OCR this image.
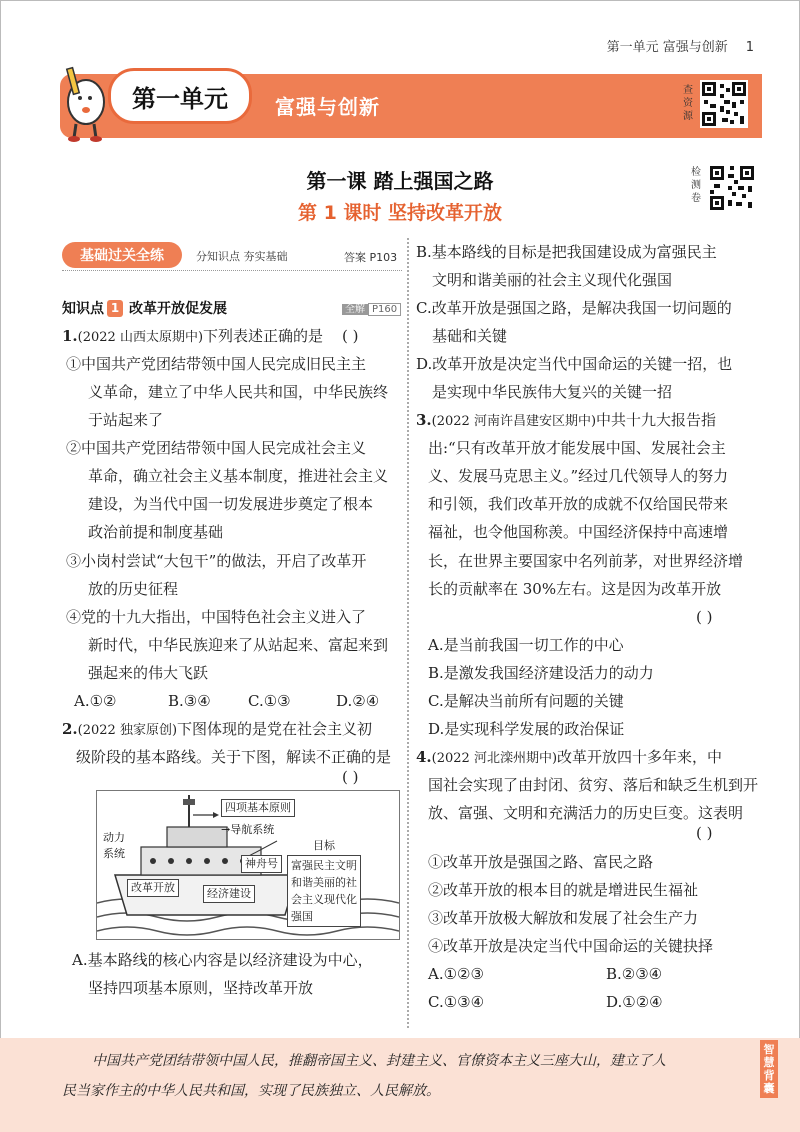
第一单元 富强与创新 1
第一单元	富强与创新
查资源
第一课 踏上强国之路
第 1 课时 坚持改革开放
检测卷
基础过关全练	分知识点 夯实基础	答案 P103
知识点 1 改革开放促发展	全解 P160
1.(2022 山西太原期中)下列表述正确的是 ( )
①中国共产党团结带领中国人民完成旧民主主
义革命，建立了中华人民共和国，中华民族终
于站起来了
②中国共产党团结带领中国人民完成社会主义
革命，确立社会主义基本制度，推进社会主义
建设，为当代中国一切发展进步奠定了根本
政治前提和制度基础
③小岗村尝试“大包干”的做法，开启了改革开
放的历史征程
④党的十九大指出，中国特色社会主义进入了
新时代，中华民族迎来了从站起来、富起来到
强起来的伟大飞跃
A.①②	B.③④ C.①③	D.②④
2.(2022 独家原创)下图体现的是党在社会主义初
级阶段的基本路线。关于下图，解读不正确的是
( )
四项基本原则
→导航系统
动力
系统
目标
神舟号
改革开放	经济建设
富强民主文明
和谐美丽的社
会主义现代化
强国
A.基本路线的核心内容是以经济建设为中心，
坚持四项基本原则，坚持改革开放
B.基本路线的目标是把我国建设成为富强民主
文明和谐美丽的社会主义现代化强国
C.改革开放是强国之路，是解决我国一切问题的
基础和关键
D.改革开放是决定当代中国命运的关键一招，也
是实现中华民族伟大复兴的关键一招
3.(2022 河南许昌建安区期中)中共十九大报告指
出:“只有改革开放才能发展中国、发展社会主
义、发展马克思主义。”经过几代领导人的努力
和引领，我们改革开放的成就不仅给国民带来
福祉，也令他国称羡。中国经济保持中高速增
长，在世界主要国家中名列前茅，对世界经济增
长的贡献率在 30%左右。这是因为改革开放
( )
A.是当前我国一切工作的中心
B.是激发我国经济建设活力的动力
C.是解决当前所有问题的关键
D.是实现科学发展的政治保证
4.(2022 河北滦州期中)改革开放四十多年来，中
国社会实现了由封闭、贫穷、落后和缺乏生机到开
放、富强、文明和充满活力的历史巨变。这表明
( )
①改革开放是强国之路、富民之路
②改革开放的根本目的就是增进民生福祉
③改革开放极大解放和发展了社会生产力
④改革开放是决定当代中国命运的关键抉择
A.①②③	B.②③④
C.①③④	D.①②④
中国共产党团结带领中国人民，推翻帝国主义、封建主义、官僚资本主义三座大山，建立了人
民当家作主的中华人民共和国，实现了民族独立、人民解放。
智慧背囊
